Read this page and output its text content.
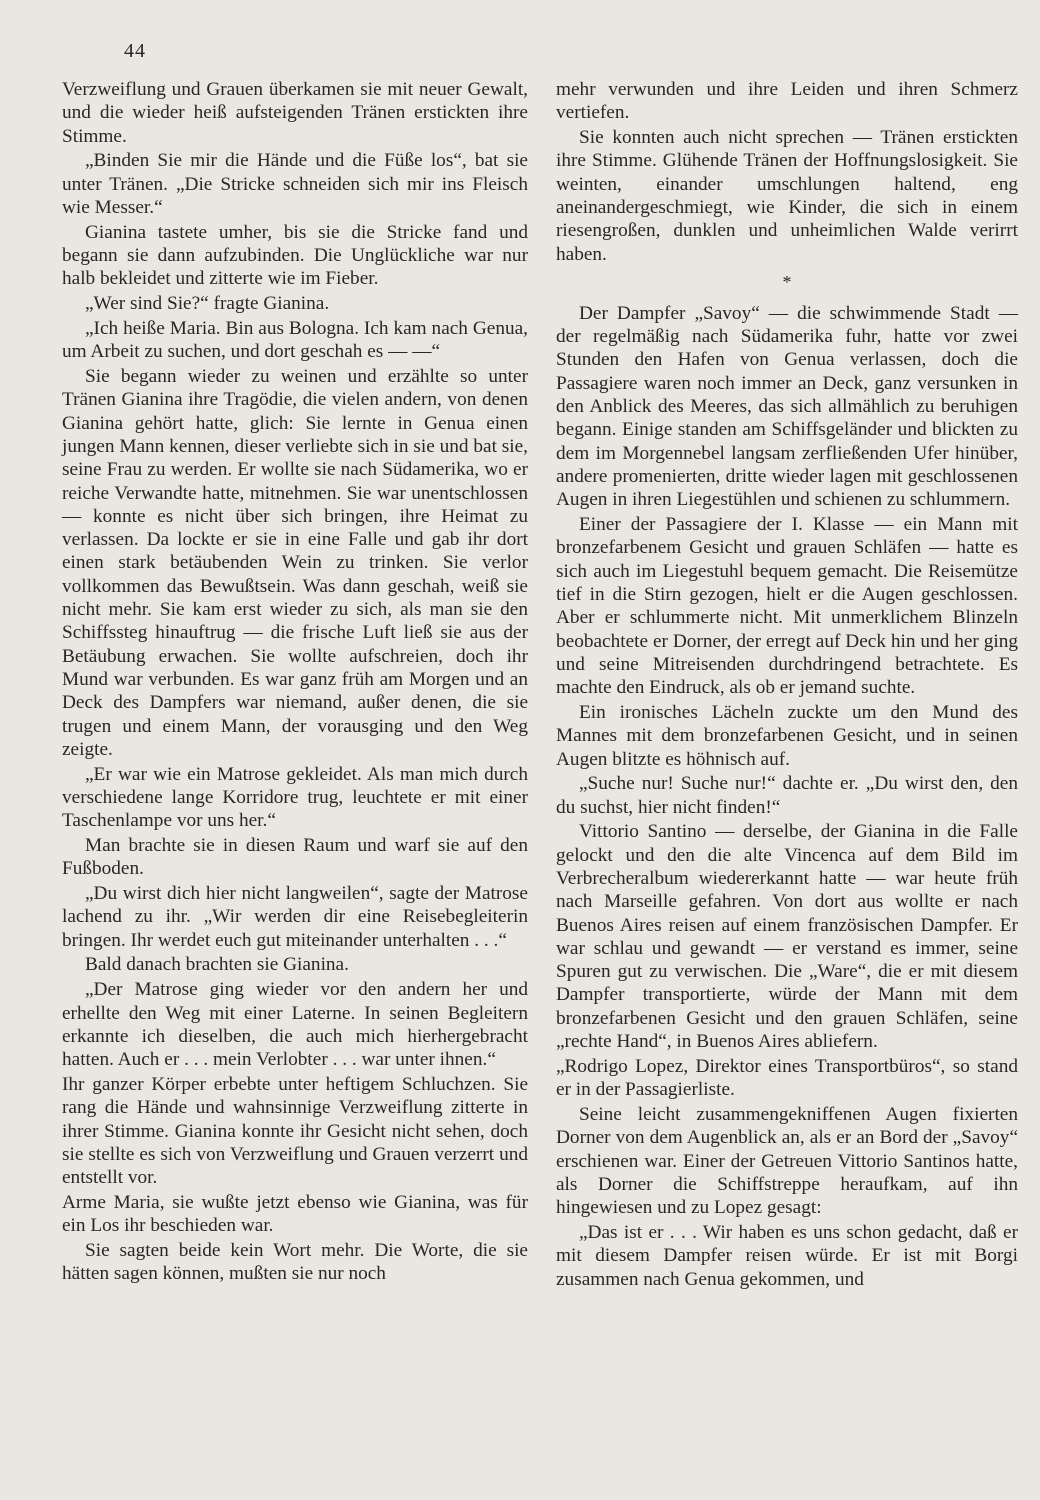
44

Verzweiflung und Grauen überkamen sie mit neuer Gewalt, und die wieder heiß aufsteigenden Tränen erstickten ihre Stimme.

„Binden Sie mir die Hände und die Füße los“, bat sie unter Tränen. „Die Stricke schneiden sich mir ins Fleisch wie Messer.“

Gianina tastete umher, bis sie die Stricke fand und begann sie dann aufzubinden. Die Unglückliche war nur halb bekleidet und zitterte wie im Fieber.

„Wer sind Sie?“ fragte Gianina.

„Ich heiße Maria. Bin aus Bologna. Ich kam nach Genua, um Arbeit zu suchen, und dort geschah es — —“

Sie begann wieder zu weinen und erzählte so unter Tränen Gianina ihre Tragödie, die vielen andern, von denen Gianina gehört hatte, glich: Sie lernte in Genua einen jungen Mann kennen, dieser verliebte sich in sie und bat sie, seine Frau zu werden. Er wollte sie nach Südamerika, wo er reiche Verwandte hatte, mitnehmen. Sie war unentschlossen — konnte es nicht über sich bringen, ihre Heimat zu verlassen. Da lockte er sie in eine Falle und gab ihr dort einen stark betäubenden Wein zu trinken. Sie verlor vollkommen das Bewußtsein. Was dann geschah, weiß sie nicht mehr. Sie kam erst wieder zu sich, als man sie den Schiffssteg hinauftrug — die frische Luft ließ sie aus der Betäubung erwachen. Sie wollte aufschreien, doch ihr Mund war verbunden. Es war ganz früh am Morgen und an Deck des Dampfers war niemand, außer denen, die sie trugen und einem Mann, der vorausging und den Weg zeigte.

„Er war wie ein Matrose gekleidet. Als man mich durch verschiedene lange Korridore trug, leuchtete er mit einer Taschenlampe vor uns her.“

Man brachte sie in diesen Raum und warf sie auf den Fußboden.

„Du wirst dich hier nicht langweilen“, sagte der Matrose lachend zu ihr. „Wir werden dir eine Reisebegleiterin bringen. Ihr werdet euch gut miteinander unterhalten . . .“

Bald danach brachten sie Gianina.

„Der Matrose ging wieder vor den andern her und erhellte den Weg mit einer Laterne. In seinen Begleitern erkannte ich dieselben, die auch mich hierhergebracht hatten. Auch er . . . mein Verlobter . . . war unter ihnen.“

Ihr ganzer Körper erbebte unter heftigem Schluchzen. Sie rang die Hände und wahnsinnige Verzweiflung zitterte in ihrer Stimme. Gianina konnte ihr Gesicht nicht sehen, doch sie stellte es sich von Verzweiflung und Grauen verzerrt und entstellt vor.

Arme Maria, sie wußte jetzt ebenso wie Gianina, was für ein Los ihr beschieden war.

Sie sagten beide kein Wort mehr. Die Worte, die sie hätten sagen können, mußten sie nur noch

mehr verwunden und ihre Leiden und ihren Schmerz vertiefen.

Sie konnten auch nicht sprechen — Tränen erstickten ihre Stimme. Glühende Tränen der Hoffnungslosigkeit. Sie weinten, einander umschlungen haltend, eng aneinandergeschmiegt, wie Kinder, die sich in einem riesengroßen, dunklen und unheimlichen Walde verirrt haben.

*

Der Dampfer „Savoy“ — die schwimmende Stadt — der regelmäßig nach Südamerika fuhr, hatte vor zwei Stunden den Hafen von Genua verlassen, doch die Passagiere waren noch immer an Deck, ganz versunken in den Anblick des Meeres, das sich allmählich zu beruhigen begann. Einige standen am Schiffsgeländer und blickten zu dem im Morgennebel langsam zerfließenden Ufer hinüber, andere promenierten, dritte wieder lagen mit geschlossenen Augen in ihren Liegestühlen und schienen zu schlummern.

Einer der Passagiere der I. Klasse — ein Mann mit bronzefarbenem Gesicht und grauen Schläfen — hatte es sich auch im Liegestuhl bequem gemacht. Die Reisemütze tief in die Stirn gezogen, hielt er die Augen geschlossen. Aber er schlummerte nicht. Mit unmerklichem Blinzeln beobachtete er Dorner, der erregt auf Deck hin und her ging und seine Mitreisenden durchdringend betrachtete. Es machte den Eindruck, als ob er jemand suchte.

Ein ironisches Lächeln zuckte um den Mund des Mannes mit dem bronzefarbenen Gesicht, und in seinen Augen blitzte es höhnisch auf.

„Suche nur! Suche nur!“ dachte er. „Du wirst den, den du suchst, hier nicht finden!“

Vittorio Santino — derselbe, der Gianina in die Falle gelockt und den die alte Vincenca auf dem Bild im Verbrecheralbum wiedererkannt hatte — war heute früh nach Marseille gefahren. Von dort aus wollte er nach Buenos Aires reisen auf einem französischen Dampfer. Er war schlau und gewandt — er verstand es immer, seine Spuren gut zu verwischen. Die „Ware“, die er mit diesem Dampfer transportierte, würde der Mann mit dem bronzefarbenen Gesicht und den grauen Schläfen, seine „rechte Hand“, in Buenos Aires abliefern.

„Rodrigo Lopez, Direktor eines Transportbüros“, so stand er in der Passagierliste.

Seine leicht zusammengekniffenen Augen fixierten Dorner von dem Augenblick an, als er an Bord der „Savoy“ erschienen war. Einer der Getreuen Vittorio Santinos hatte, als Dorner die Schiffstreppe heraufkam, auf ihn hingewiesen und zu Lopez gesagt:

„Das ist er . . . Wir haben es uns schon gedacht, daß er mit diesem Dampfer reisen würde. Er ist mit Borgi zusammen nach Genua gekommen, und
